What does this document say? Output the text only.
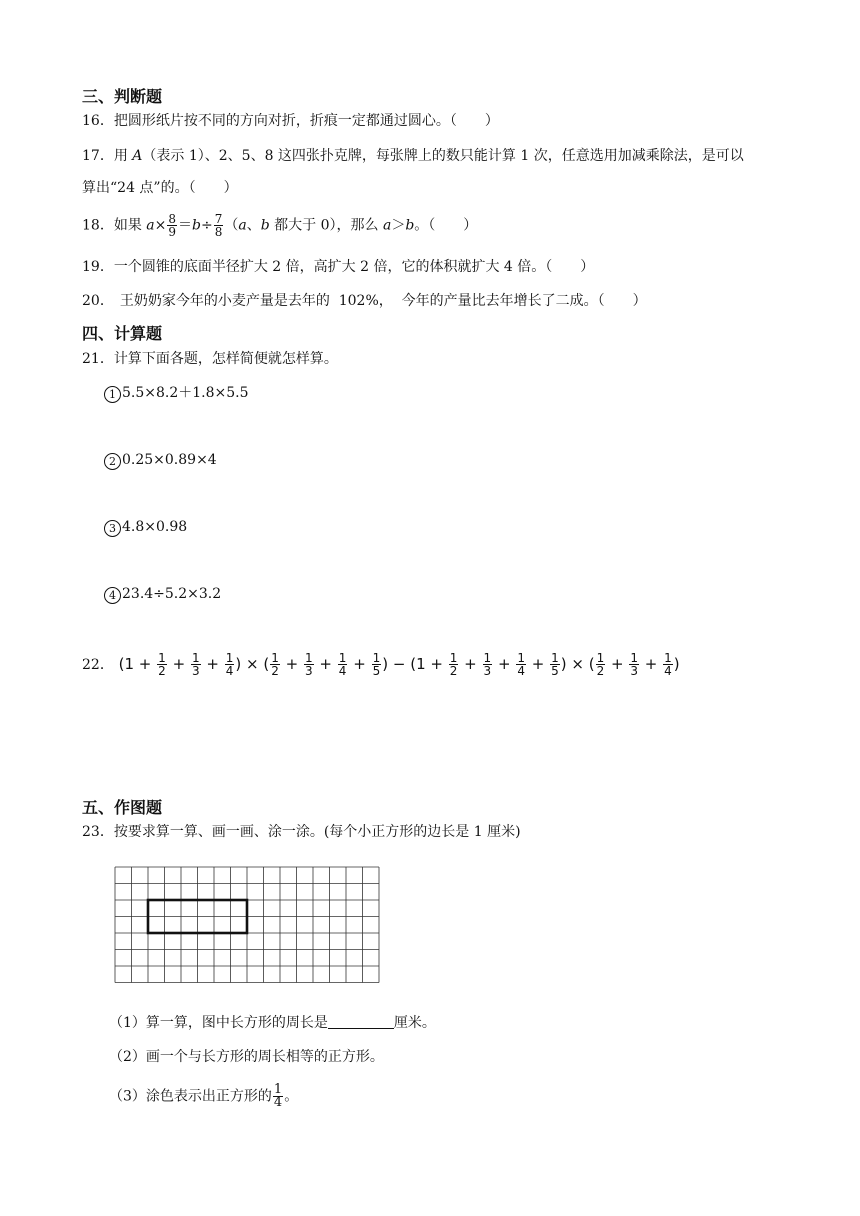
三、判断题
16．把圆形纸片按不同的方向对折，折痕一定都通过圆心。（　　）
17．用 A（表示 1）、2、5、8 这四张扑克牌，每张牌上的数只能计算 1 次，任意选用加减乘除法，是可以
算出“24 点”的。（　　）
18．如果 $a\times \frac{8}{9} =b\div \frac{7}{8} (a$、b 都大于 0），那么 a＞b。（　　）
19．一个圆锥的底面半径扩大 2 倍，高扩大 2 倍，它的体积就扩大 4 倍。（　　）
20． 王奶奶家今年的小麦产量是去年的  102%，  今年的产量比去年增长了二成。（　　）
四、计算题
21．计算下面各题，怎样简便就怎样算。
1 5.5×8.2＋1.8×5.5
2 0.25×0.89×4
3 4.8×0.98
4 23.4÷5.2×3.2
22． ($1 + \frac{1}{2} + \frac{1}{3} + \frac{1}{4}$ ) × ( $\frac{1}{2} + \frac{1}{3} + \frac{1}{4} + \frac{1}{5}$ ) − ($1 + \frac{1}{2} + \frac{1}{3} + \frac{1}{4} + \frac{1}{5}$ ) × ( $\frac{1}{2} + \frac{1}{3} + \frac{1}{4}$ )
五、作图题
23．按要求算一算、画一画、涂一涂。(每个小正方形的边长是 1 厘米)
（1）算一算，图中长方形的周长是	厘米。
（2）画一个与长方形的周长相等的正方形。
（3）涂色表示出正方形的 $\frac{1}{4}$ 。
